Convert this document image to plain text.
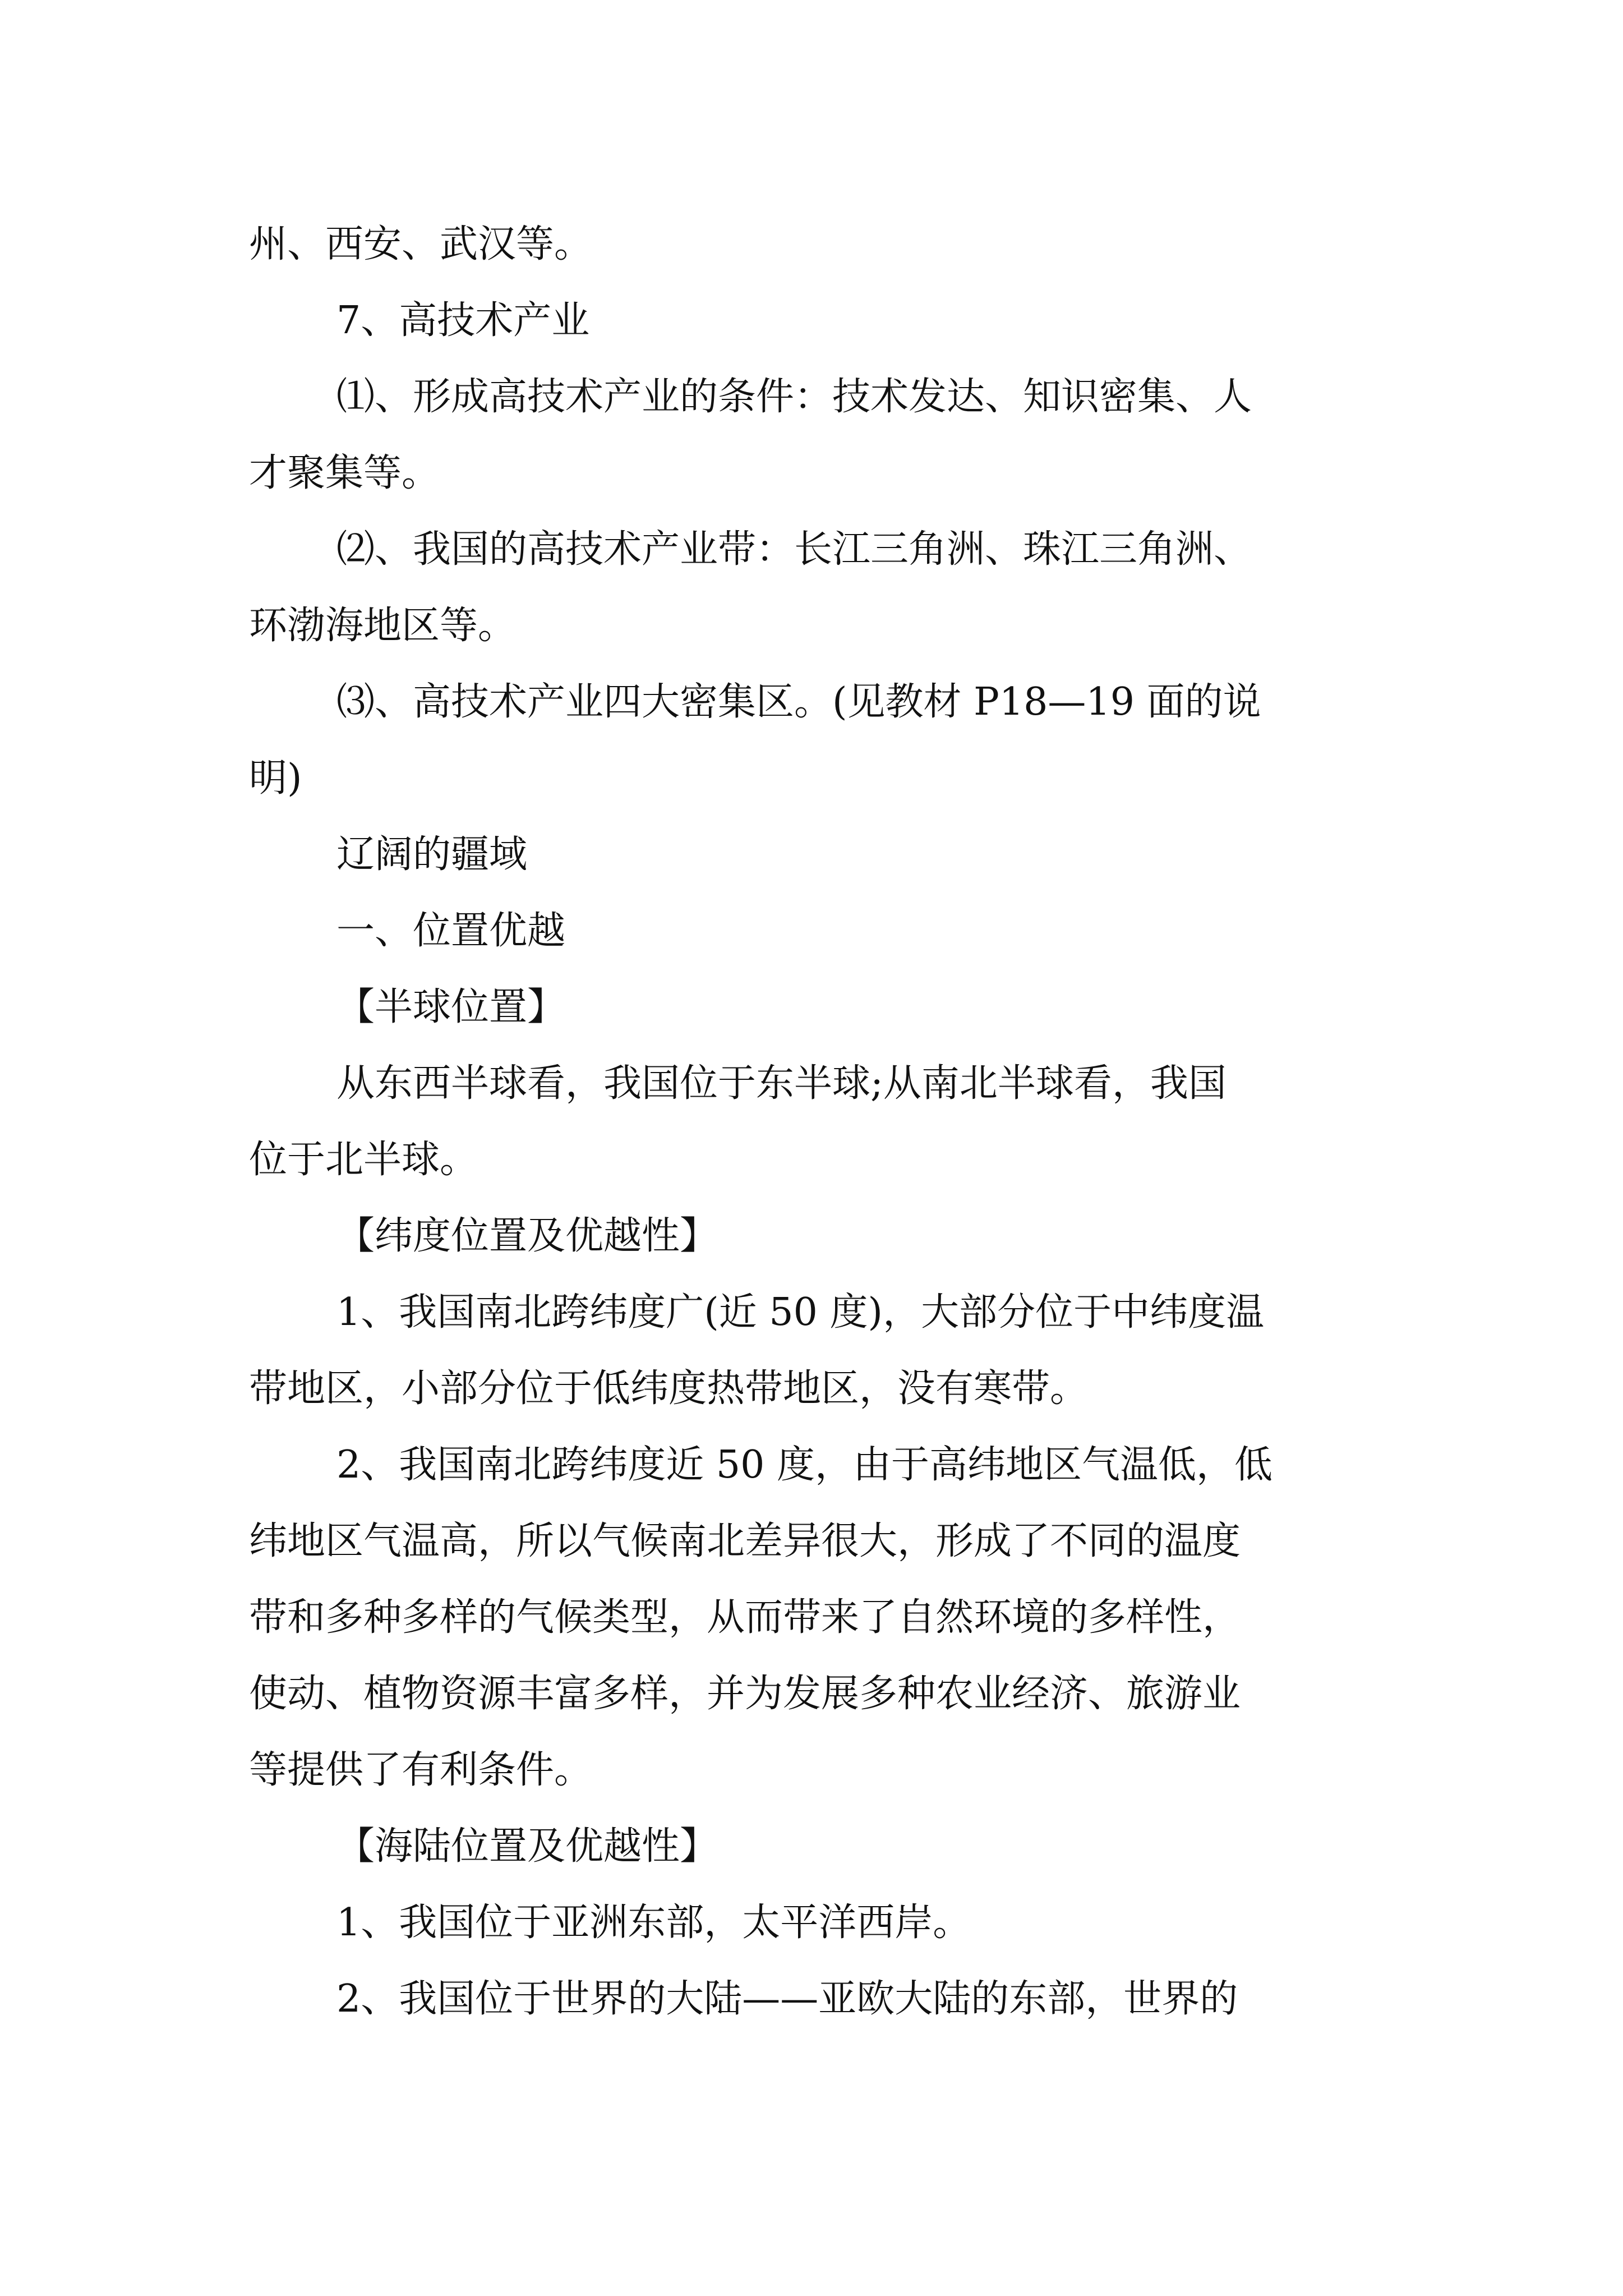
州、西安、武汉等。
7、高技术产业
⑴、形成高技术产业的条件：技术发达、知识密集、人
才聚集等。
⑵、我国的高技术产业带：长江三角洲、珠江三角洲、
环渤海地区等。
⑶、高技术产业四大密集区。(见教材 P18—19 面的说
明)
辽阔的疆域
一、位置优越
【半球位置】
从东西半球看，我国位于东半球;从南北半球看，我国
位于北半球。
【纬度位置及优越性】
1、我国南北跨纬度广(近 50 度)，大部分位于中纬度温
带地区，小部分位于低纬度热带地区，没有寒带。
2、我国南北跨纬度近 50 度，由于高纬地区气温低，低
纬地区气温高，所以气候南北差异很大，形成了不同的温度
带和多种多样的气候类型，从而带来了自然环境的多样性，
使动、植物资源丰富多样，并为发展多种农业经济、旅游业
等提供了有利条件。
【海陆位置及优越性】
1、我国位于亚洲东部，太平洋西岸。
2、我国位于世界的大陆——亚欧大陆的东部，世界的
